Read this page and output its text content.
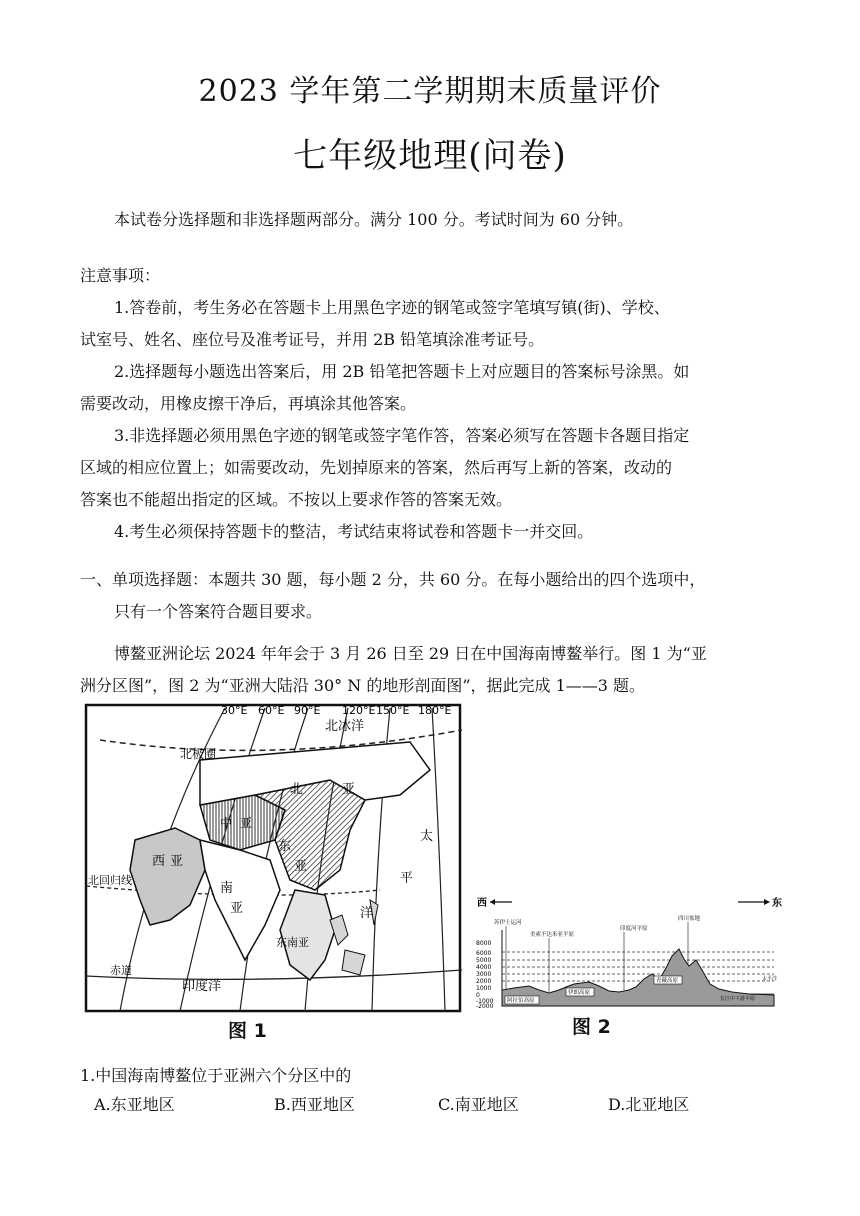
2023 学年第二学期期末质量评价
七年级地理(问卷)
本试卷分选择题和非选择题两部分。满分 100 分。考试时间为 60 分钟。
注意事项：
1.答卷前，考生务必在答题卡上用黑色字迹的钢笔或签字笔填写镇(街)、学校、
试室号、姓名、座位号及准考证号，并用 2B 铅笔填涂准考证号。
2.选择题每小题选出答案后，用 2B 铅笔把答题卡上对应题目的答案标号涂黑。如
需要改动，用橡皮擦干净后，再填涂其他答案。
3.非选择题必须用黑色字迹的钢笔或签字笔作答，答案必须写在答题卡各题目指定
区域的相应位置上；如需要改动，先划掉原来的答案，然后再写上新的答案，改动的
答案也不能超出指定的区域。不按以上要求作答的答案无效。
4.考生必须保持答题卡的整洁，考试结束将试卷和答题卡一并交回。
一、单项选择题：本题共 30 题，每小题 2 分，共 60 分。在每小题给出的四个选项中，
只有一个答案符合题目要求。
博鳌亚洲论坛 2024 年年会于 3 月 26 日至 29 日在中国海南博鳌举行。图 1 为“亚
洲分区图”，图 2 为“亚洲大陆沿 30° N 的地形剖面图”，据此完成 1——3 题。
30°E 60°E 90°E 120°E 150°E 180°E
北冰洋
北极圈
北	亚
中 亚
西 亚
南
亚
北回归线
东
亚
太
平
洋
东南亚
赤道
印度洋
图 1
西	东
8000
6000
5000
4000
3000
2000
1000
0
-1000
-2000
阿拉伯高原
伊朗高原
青藏高原	太平洋
长江中下游平原
苏伊士运河
美索不达米亚平原
印度河平原
四川盆地
图 2
1.中国海南博鳌位于亚洲六个分区中的
A.东亚地区	B.西亚地区	C.南亚地区	D.北亚地区
